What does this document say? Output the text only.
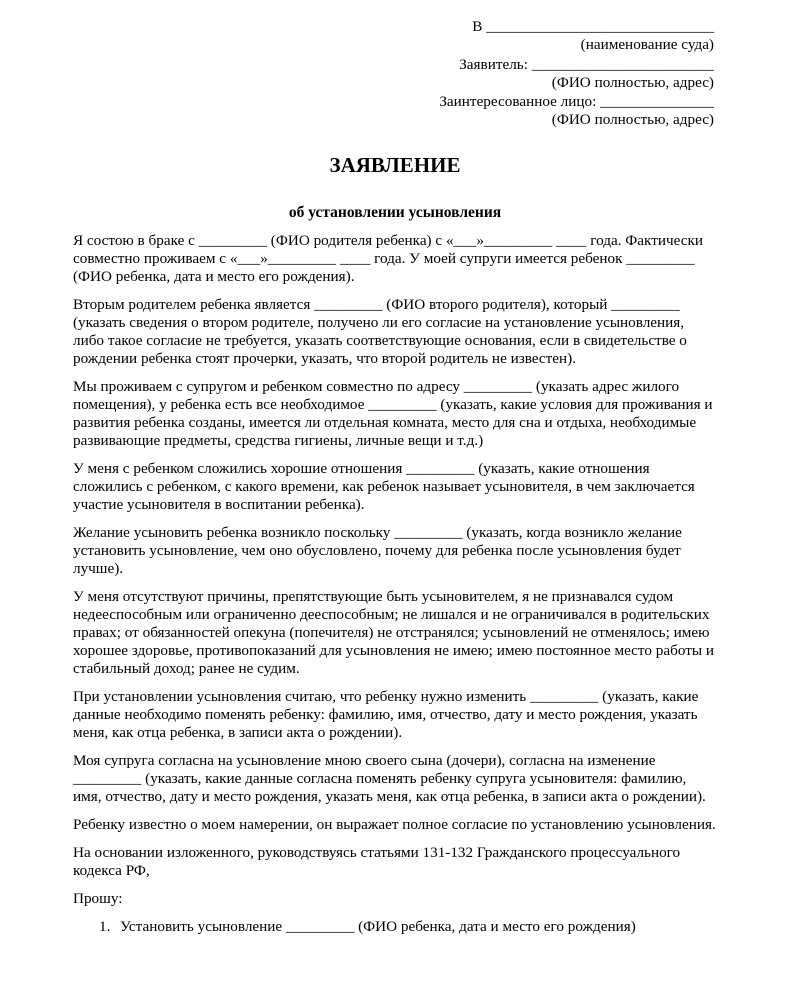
В ______________________________
(наименование суда)
Заявитель: ________________________
(ФИО полностью, адрес)
Заинтересованное лицо: _______________
(ФИО полностью, адрес)
ЗАЯВЛЕНИЕ
об установлении усыновления

Я состою в браке с _________ (ФИО родителя ребенка) с «___»_________ ____ года. Фактически совместно проживаем с «___»_________ ____ года. У моей супруги имеется ребенок _________ (ФИО ребенка, дата и место его рождения).

Вторым родителем ребенка является _________ (ФИО второго родителя), который _________ (указать сведения о втором родителе, получено ли его согласие на установление усыновления, либо такое согласие не требуется, указать соответствующие основания, если в свидетельстве о рождении ребенка стоят прочерки, указать, что второй родитель не известен).

Мы проживаем с супругом и ребенком совместно по адресу _________ (указать адрес жилого помещения), у ребенка есть все необходимое _________ (указать, какие условия для проживания и развития ребенка созданы, имеется ли отдельная комната, место для сна и отдыха, необходимые развивающие предметы, средства гигиены, личные вещи и т.д.)

У меня с ребенком сложились хорошие отношения _________ (указать, какие отношения сложились с ребенком, с какого времени, как ребенок называет усыновителя, в чем заключается участие усыновителя в воспитании ребенка).

Желание усыновить ребенка возникло поскольку _________ (указать, когда возникло желание установить усыновление, чем оно обусловлено, почему для ребенка после усыновления будет лучше).

У меня отсутствуют причины, препятствующие быть усыновителем, я не признавался судом недееспособным или ограниченно дееспособным; не лишался и не ограничивался в родительских правах; от обязанностей опекуна (попечителя) не отстранялся; усыновлений не отменялось; имею хорошее здоровье, противопоказаний для усыновления не имею; имею постоянное место работы и стабильный доход; ранее не судим.

При установлении усыновления считаю, что ребенку нужно изменить _________ (указать, какие данные необходимо поменять ребенку: фамилию, имя, отчество, дату и место рождения, указать меня, как отца ребенка, в записи акта о рождении).

Моя супруга согласна на усыновление мною своего сына (дочери), согласна на изменение _________ (указать, какие данные согласна поменять ребенку супруга усыновителя: фамилию, имя, отчество, дату и место рождения, указать меня, как отца ребенка, в записи акта о рождении).

Ребенку известно о моем намерении, он выражает полное согласие по установлению усыновления.

На основании изложенного, руководствуясь статьями 131-132 Гражданского процессуального кодекса РФ,

Прошу:
1. Установить усыновление _________ (ФИО ребенка, дата и место его рождения)
